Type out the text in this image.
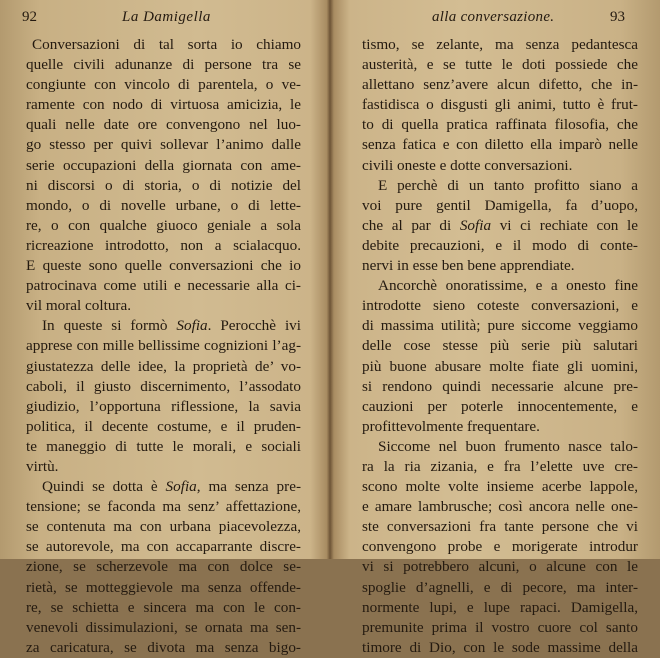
92	La Damigella
Conversazioni di tal sorta io chiamo
quelle civili adunanze di persone tra se
congiunte con vincolo di parentela, o ve-
ramente con nodo di virtuosa amicizia, le
quali nelle date ore convengono nel luo-
go stesso per quivi sollevar l’animo dalle
serie occupazioni della giornata con ame-
ni discorsi o di storia, o di notizie del
mondo, o di novelle urbane, o di lette-
re, o con qualche giuoco geniale a sola
ricreazione introdotto, non a scialacquo.
E queste sono quelle conversazioni che io
patrocinava come utili e necessarie alla ci-
vil moral coltura.
In queste si formò Sofia. Perocchè ivi
apprese con mille bellissime cognizioni l’ag-
giustatezza delle idee, la proprietà de’ vo-
caboli, il giusto discernimento, l’assodato
giudizio, l’opportuna riflessione, la savia
politica, il decente costume, e il pruden-
te maneggio di tutte le morali, e sociali
virtù.
Quindi se dotta è Sofia, ma senza pre-
tensione; se faconda ma senz’ affettazione,
se contenuta ma con urbana piacevolezza,
se autorevole, ma con accaparrante discre-
zione, se scherzevole ma con dolce se-
rietà, se motteggievole ma senza offende-
re, se schietta e sincera ma con le con-
venevoli dissimulazioni, se ornata ma sen-
za caricatura, se divota ma senza bigo-
alla conversazione.	93
tismo, se zelante, ma senza pedantesca
austerità, e se tutte le doti possiede che
allettano senz’avere alcun difetto, che in-
fastidisca o disgusti gli animi, tutto è frut-
to di quella pratica raffinata filosofia, che
senza fatica e con diletto ella imparò nelle
civili oneste e dotte conversazioni.
E perchè di un tanto profitto siano a
voi pure gentil Damigella, fa d’uopo,
che al par di Sofia vi ci rechiate con le
debite precauzioni, e il modo di conte-
nervi in esse ben bene apprendiate.
Ancorchè onoratissime, e a onesto fine
introdotte sieno coteste conversazioni, e
di massima utilità; pure siccome veggiamo
delle cose stesse più serie più salutari
più buone abusare molte fiate gli uomini,
si rendono quindi necessarie alcune pre-
cauzioni per poterle innocentemente, e
profittevolmente frequentare.
Siccome nel buon frumento nasce talo-
ra la ria zizania, e fra l’elette uve cre-
scono molte volte insieme acerbe lappole,
e amare lambrusche; così ancora nelle one-
ste conversazioni fra tante persone che vi
convengono probe e morigerate introdur
vi si potrebbero alcuni, o alcune con le
spoglie d’agnelli, e di pecore, ma inter-
normente lupi, e lupe rapaci. Damigella,
premunite prima il vostro cuore col santo
timore di Dio, con le sode massime della
